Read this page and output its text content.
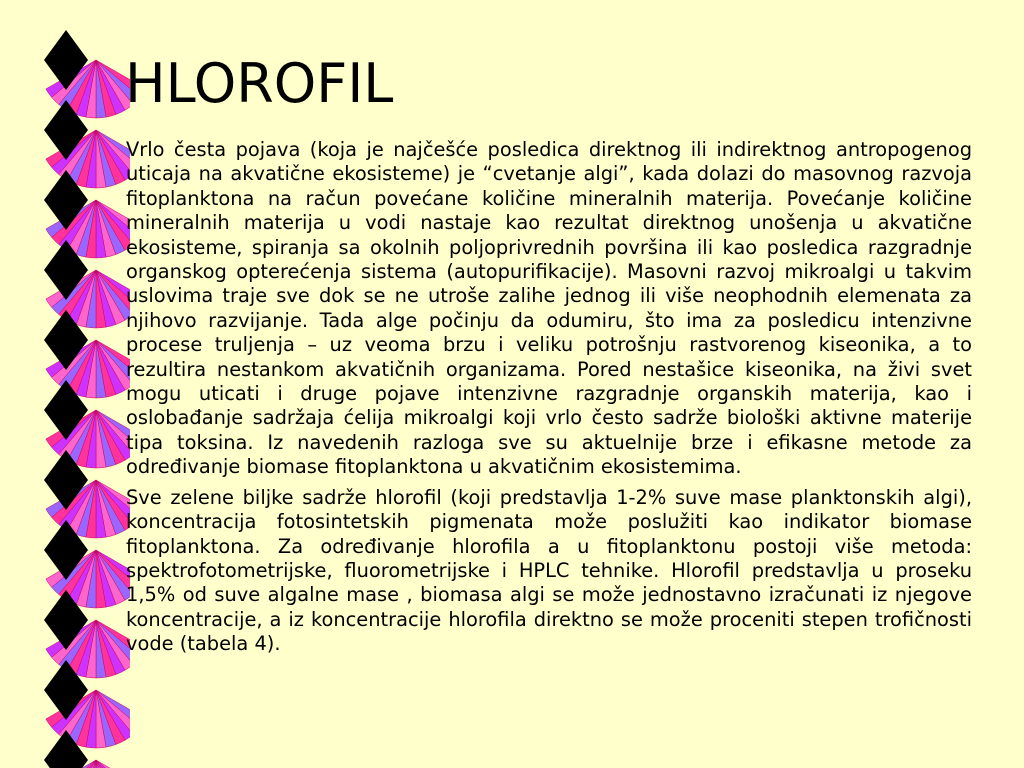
HLOROFIL

Vrlo česta pojava (koja je najčešće posledica direktnog ili indirektnog antropogenog uticaja na akvatične ekosisteme) je “cvetanje algi”, kada dolazi do masovnog razvoja fitoplanktona na račun povećane količine mineralnih materija. Povećanje količine mineralnih materija u vodi nastaje kao rezultat direktnog unošenja u akvatične ekosisteme, spiranja sa okolnih poljoprivrednih površina ili kao posledica razgradnje organskog opterećenja sistema (autopurifikacije). Masovni razvoj mikroalgi u takvim uslovima traje sve dok se ne utroše zalihe jednog ili više neophodnih elemenata za njihovo razvijanje. Tada alge počinju da odumiru, što ima za posledicu intenzivne procese truljenja – uz veoma brzu i veliku potrošnju rastvorenog kiseonika, a to rezultira nestankom akvatičnih organizama. Pored nestašice kiseonika, na živi svet mogu uticati i druge pojave intenzivne razgradnje organskih materija, kao i oslobađanje sadržaja ćelija mikroalgi koji vrlo često sadrže biološki aktivne materije tipa toksina. Iz navedenih razloga sve su aktuelnije brze i efikasne metode za određivanje biomase fitoplanktona u akvatičnim ekosistemima.

Sve zelene biljke sadrže hlorofil (koji predstavlja 1-2% suve mase planktonskih algi), koncentracija fotosintetskih pigmenata može poslužiti kao indikator biomase fitoplanktona. Za određivanje hlorofila a u fitoplanktonu postoji više metoda: spektrofotometrijske, fluorometrijske i HPLC tehnike. Hlorofil predstavlja u proseku 1,5% od suve algalne mase , biomasa algi se može jednostavno izračunati iz njegove koncentracije, a iz koncentracije hlorofila direktno se može proceniti stepen trofičnosti vode (tabela 4).
